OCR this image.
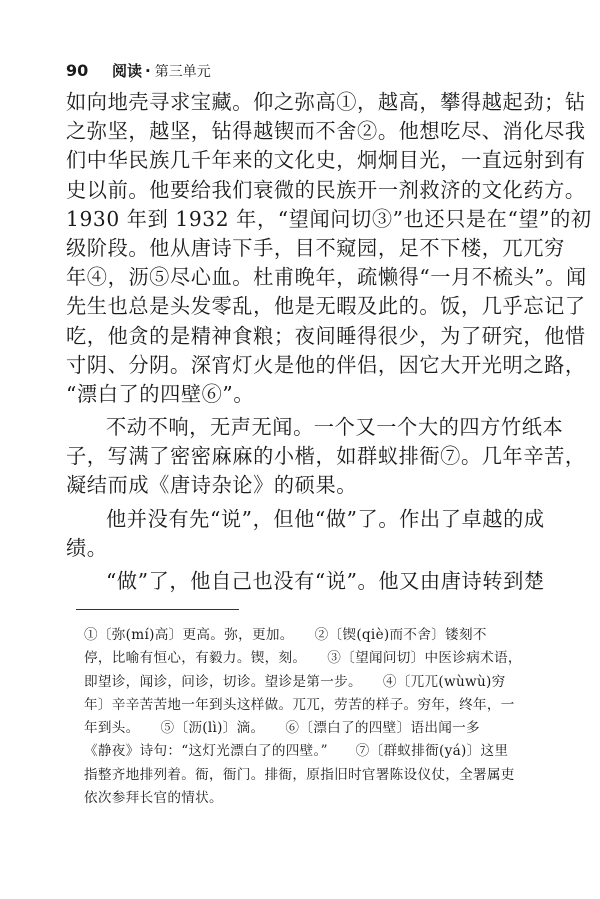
90	阅读 · 第三单元
如向地壳寻求宝藏。仰之弥高①，越高，攀得越起劲；钻
之弥坚，越坚，钻得越锲而不舍②。他想吃尽、消化尽我
们中华民族几千年来的文化史，炯炯目光，一直远射到有
史以前。他要给我们衰微的民族开一剂救济的文化药方。
1930 年到 1932 年，“望闻问切③”也还只是在“望”的初
级阶段。他从唐诗下手，目不窥园，足不下楼，兀兀穷
年④，沥⑤尽心血。杜甫晚年，疏懒得“一月不梳头”。闻
先生也总是头发零乱，他是无暇及此的。饭，几乎忘记了
吃，他贪的是精神食粮；夜间睡得很少，为了研究，他惜
寸阴、分阴。深宵灯火是他的伴侣，因它大开光明之路，
“漂白了的四壁⑥”。
不动不响，无声无闻。一个又一个大的四方竹纸本
子，写满了密密麻麻的小楷，如群蚁排衙⑦。几年辛苦，
凝结而成《唐诗杂论》的硕果。
他并没有先“说”，但他“做”了。作出了卓越的成
绩。
“做”了，他自己也没有“说”。他又由唐诗转到楚
①〔弥(mí)高〕更高。弥，更加。　　②〔锲(qiè)而不舍〕镂刻不
停，比喻有恒心，有毅力。锲，刻。　　③〔望闻问切〕中医诊病术语，
即望诊，闻诊，问诊，切诊。望诊是第一步。　　④〔兀兀(wùwù)穷
年〕辛辛苦苦地一年到头这样做。兀兀，劳苦的样子。穷年，终年，一
年到头。　　⑤〔沥(lì)〕滴。　　⑥〔漂白了的四壁〕语出闻一多
《静夜》诗句：“这灯光漂白了的四壁。”　　⑦〔群蚁排衙(yá)〕这里
指整齐地排列着。衙，衙门。排衙，原指旧时官署陈设仪仗，全署属吏
依次参拜长官的情状。
